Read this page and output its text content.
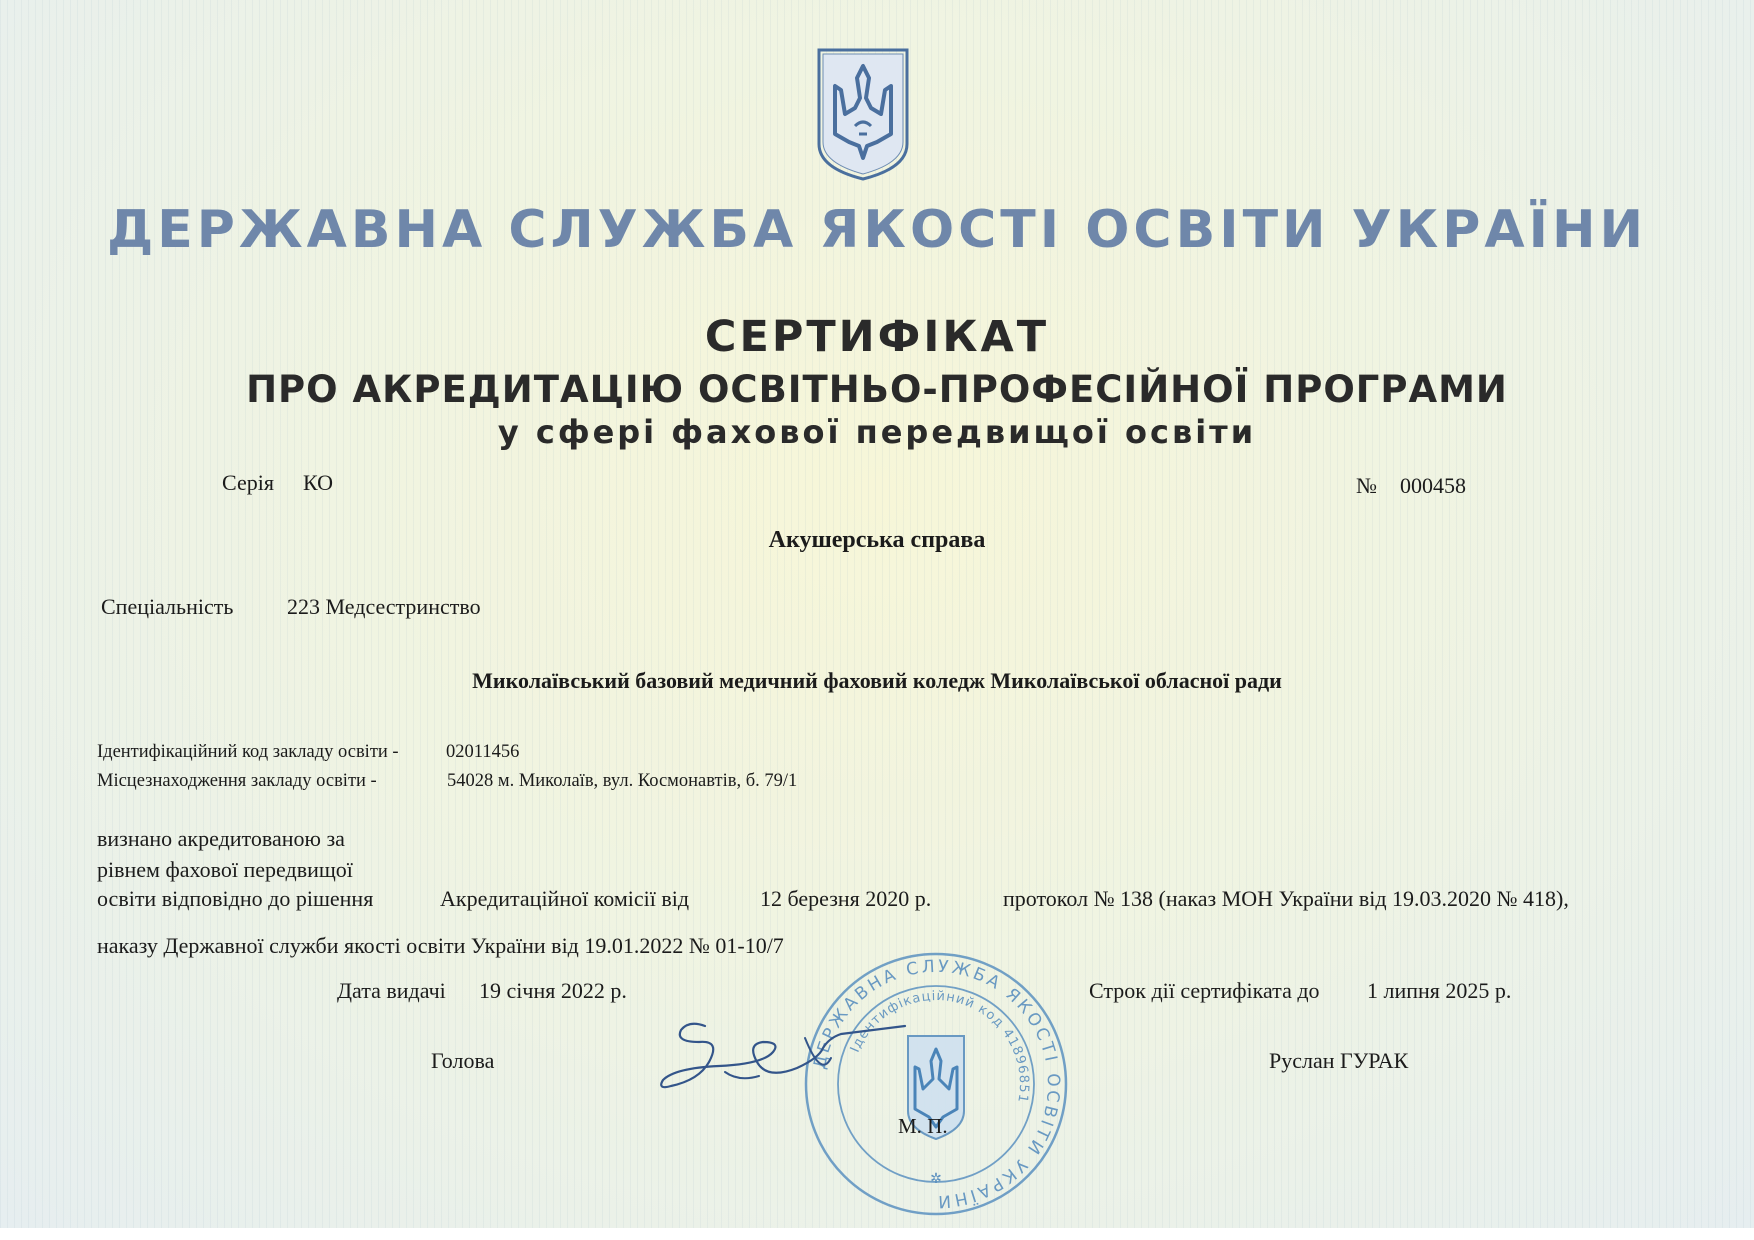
ДЕРЖАВНА СЛУЖБА ЯКОСТІ ОСВІТИ УКРАЇНИ
СЕРТИФІКАТ
ПРО АКРЕДИТАЦІЮ ОСВІТНЬО-ПРОФЕСІЙНОЇ ПРОГРАМИ
у сфері фахової передвищої освіти
Серія КО	№ 000458
Акушерська справа
Спеціальність 223 Медсестринство
Миколаївський базовий медичний фаховий коледж Миколаївської обласної ради
Ідентифікаційний код закладу освіти -	02011456
Місцезнаходження закладу освіти -	54028 м. Миколаїв, вул. Космонавтів, б. 79/1
визнано акредитованою за
рівнем фахової передвищої
освіти відповідно до рішення	Акредитаційної комісії від	12 березня 2020 р.	протокол № 138 (наказ МОН України від 19.03.2020 № 418),
наказу Державної служби якості освіти України від 19.01.2022 № 01-10/7
Дата видачі 19 січня 2022 р.	Строк дії сертифіката до 1 липня 2025 р.
Голова	Руслан ГУРАК
ДЕРЖАВНА СЛУЖБА ЯКОСТІ ОСВІТИ УКРАЇНИ
Ідентифікаційний код 41896851
✲
М. П.
